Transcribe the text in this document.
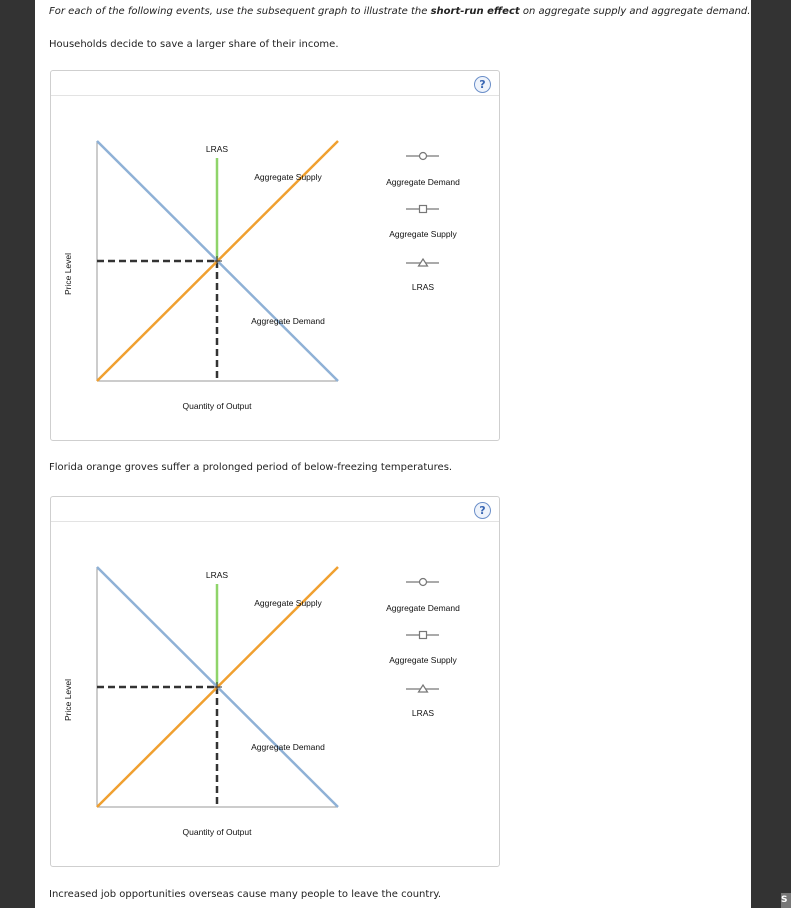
S
For each of the following events, use the subsequent graph to illustrate the short-run effect on aggregate supply and aggregate demand.
Households decide to save a larger share of their income.
?
Price Level
LRAS
Aggregate Supply
Aggregate Demand
Quantity of Output
Aggregate Demand
Aggregate Supply
LRAS
Florida orange groves suffer a prolonged period of below-freezing temperatures.
?
Price Level
LRAS
Aggregate Supply
Aggregate Demand
Quantity of Output
Aggregate Demand
Aggregate Supply
LRAS
Increased job opportunities overseas cause many people to leave the country.
